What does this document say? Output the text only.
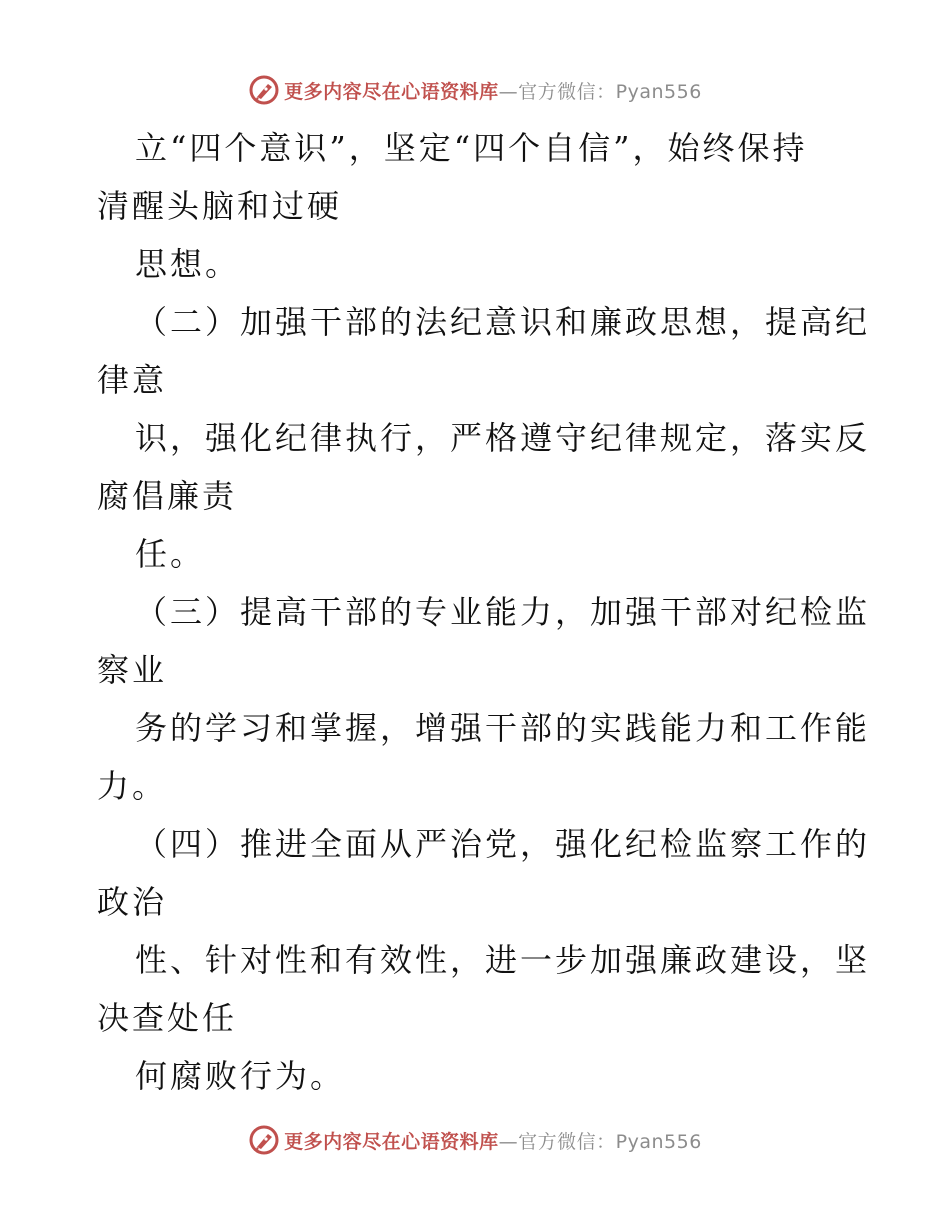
更多内容尽在心语资料库—官方微信：Pyan556
立“四个意识”，坚定“四个自信”，始终保持
清醒头脑和过硬
思想。
（二）加强干部的法纪意识和廉政思想，提高纪
律意
识，强化纪律执行，严格遵守纪律规定，落实反
腐倡廉责
任。
（三）提高干部的专业能力，加强干部对纪检监
察业
务的学习和掌握，增强干部的实践能力和工作能
力。
（四）推进全面从严治党，强化纪检监察工作的
政治
性、针对性和有效性，进一步加强廉政建设，坚
决查处任
何腐败行为。
更多内容尽在心语资料库—官方微信：Pyan556
